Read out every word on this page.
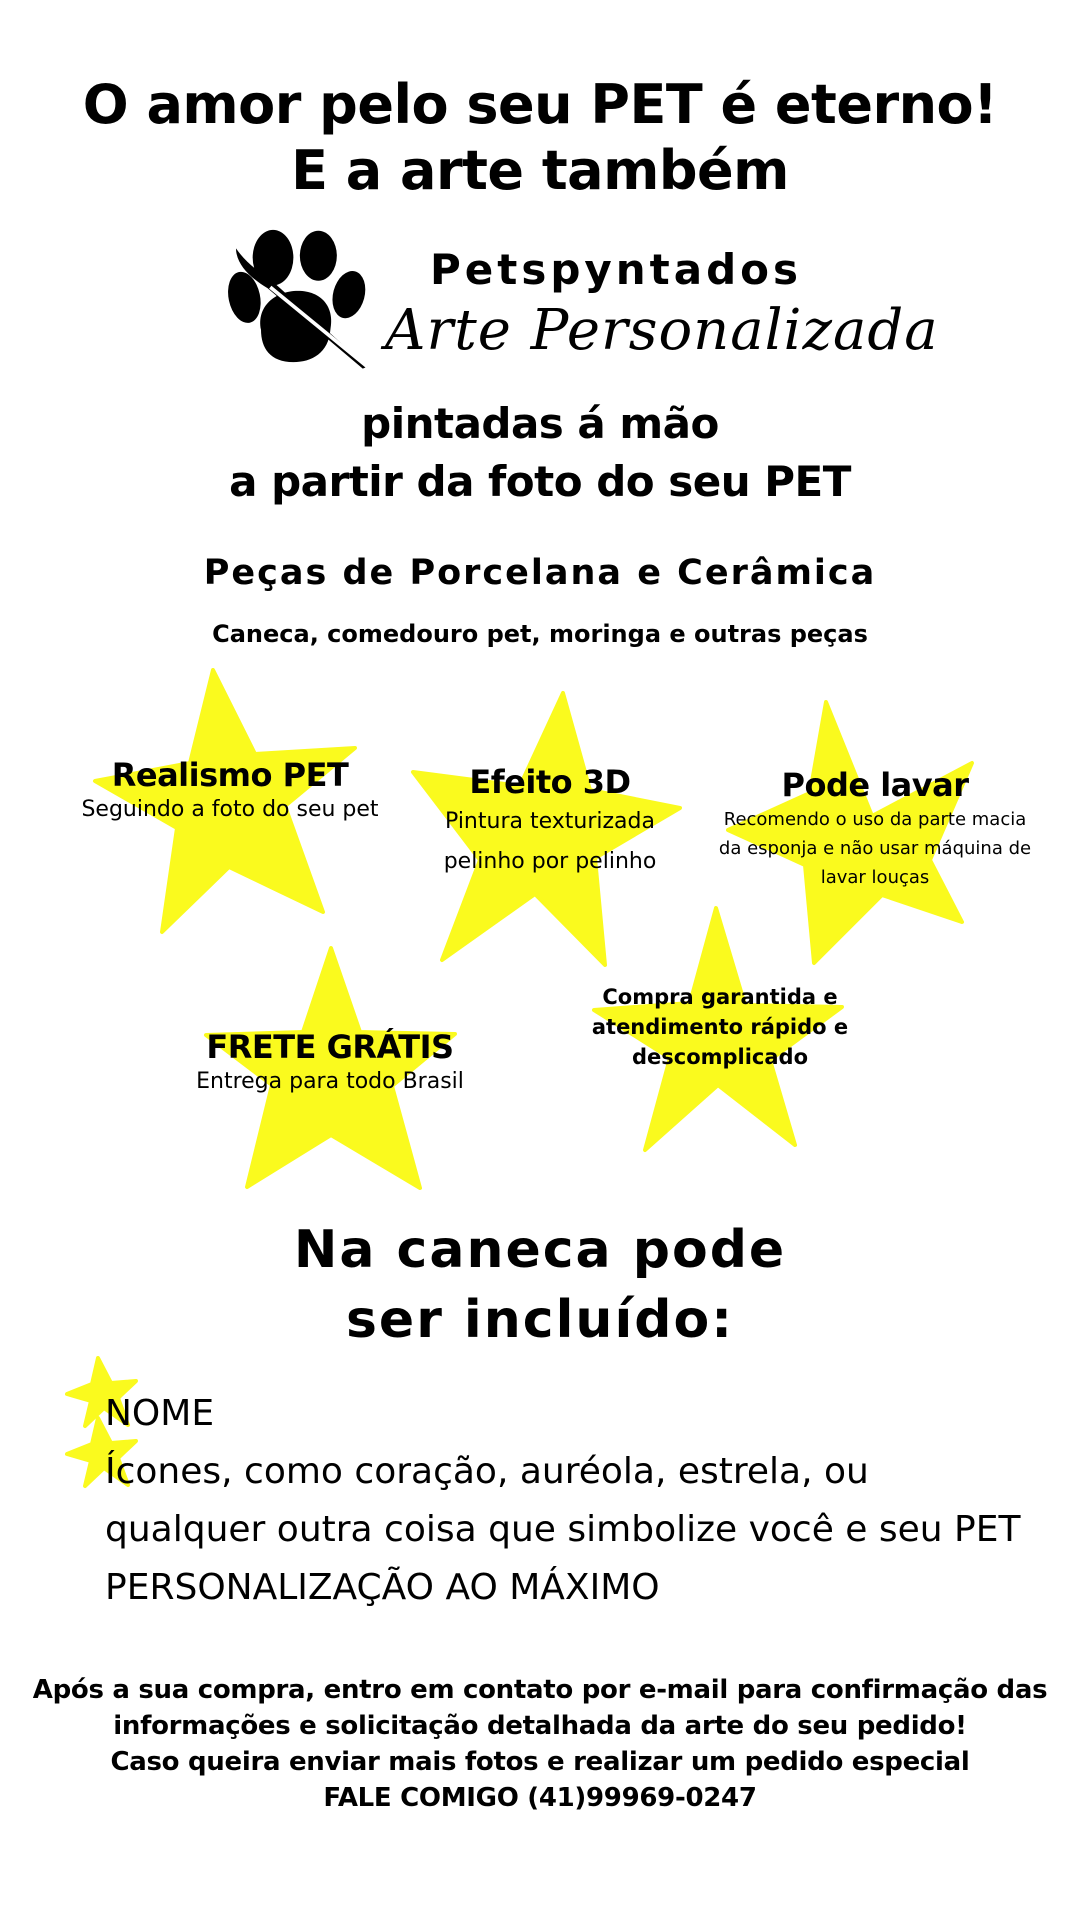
O amor pelo seu PET é eterno!
E a arte também
Petspyntados
Arte Personalizada
pintadas á mão
a partir da foto do seu PET
Peças de Porcelana e Cerâmica
Caneca, comedouro pet, moringa e outras peças
Realismo PET
Seguindo a foto do seu pet
Efeito 3D
Pintura texturizada
pelinho por pelinho
Pode lavar
Recomendo o uso da parte macia
da esponja e não usar máquina de
lavar louças
FRETE GRÁTIS
Entrega para todo Brasil
Compra garantida e
atendimento rápido e
descomplicado
Na caneca pode
ser incluído:
NOME
Ícones, como coração, auréola, estrela, ou
qualquer outra coisa que simbolize você e seu PET
PERSONALIZAÇÃO AO MÁXIMO
Após a sua compra, entro em contato por e-mail para confirmação das
informações e solicitação detalhada da arte do seu pedido!
Caso queira enviar mais fotos e realizar um pedido especial
FALE COMIGO (41)99969-0247
